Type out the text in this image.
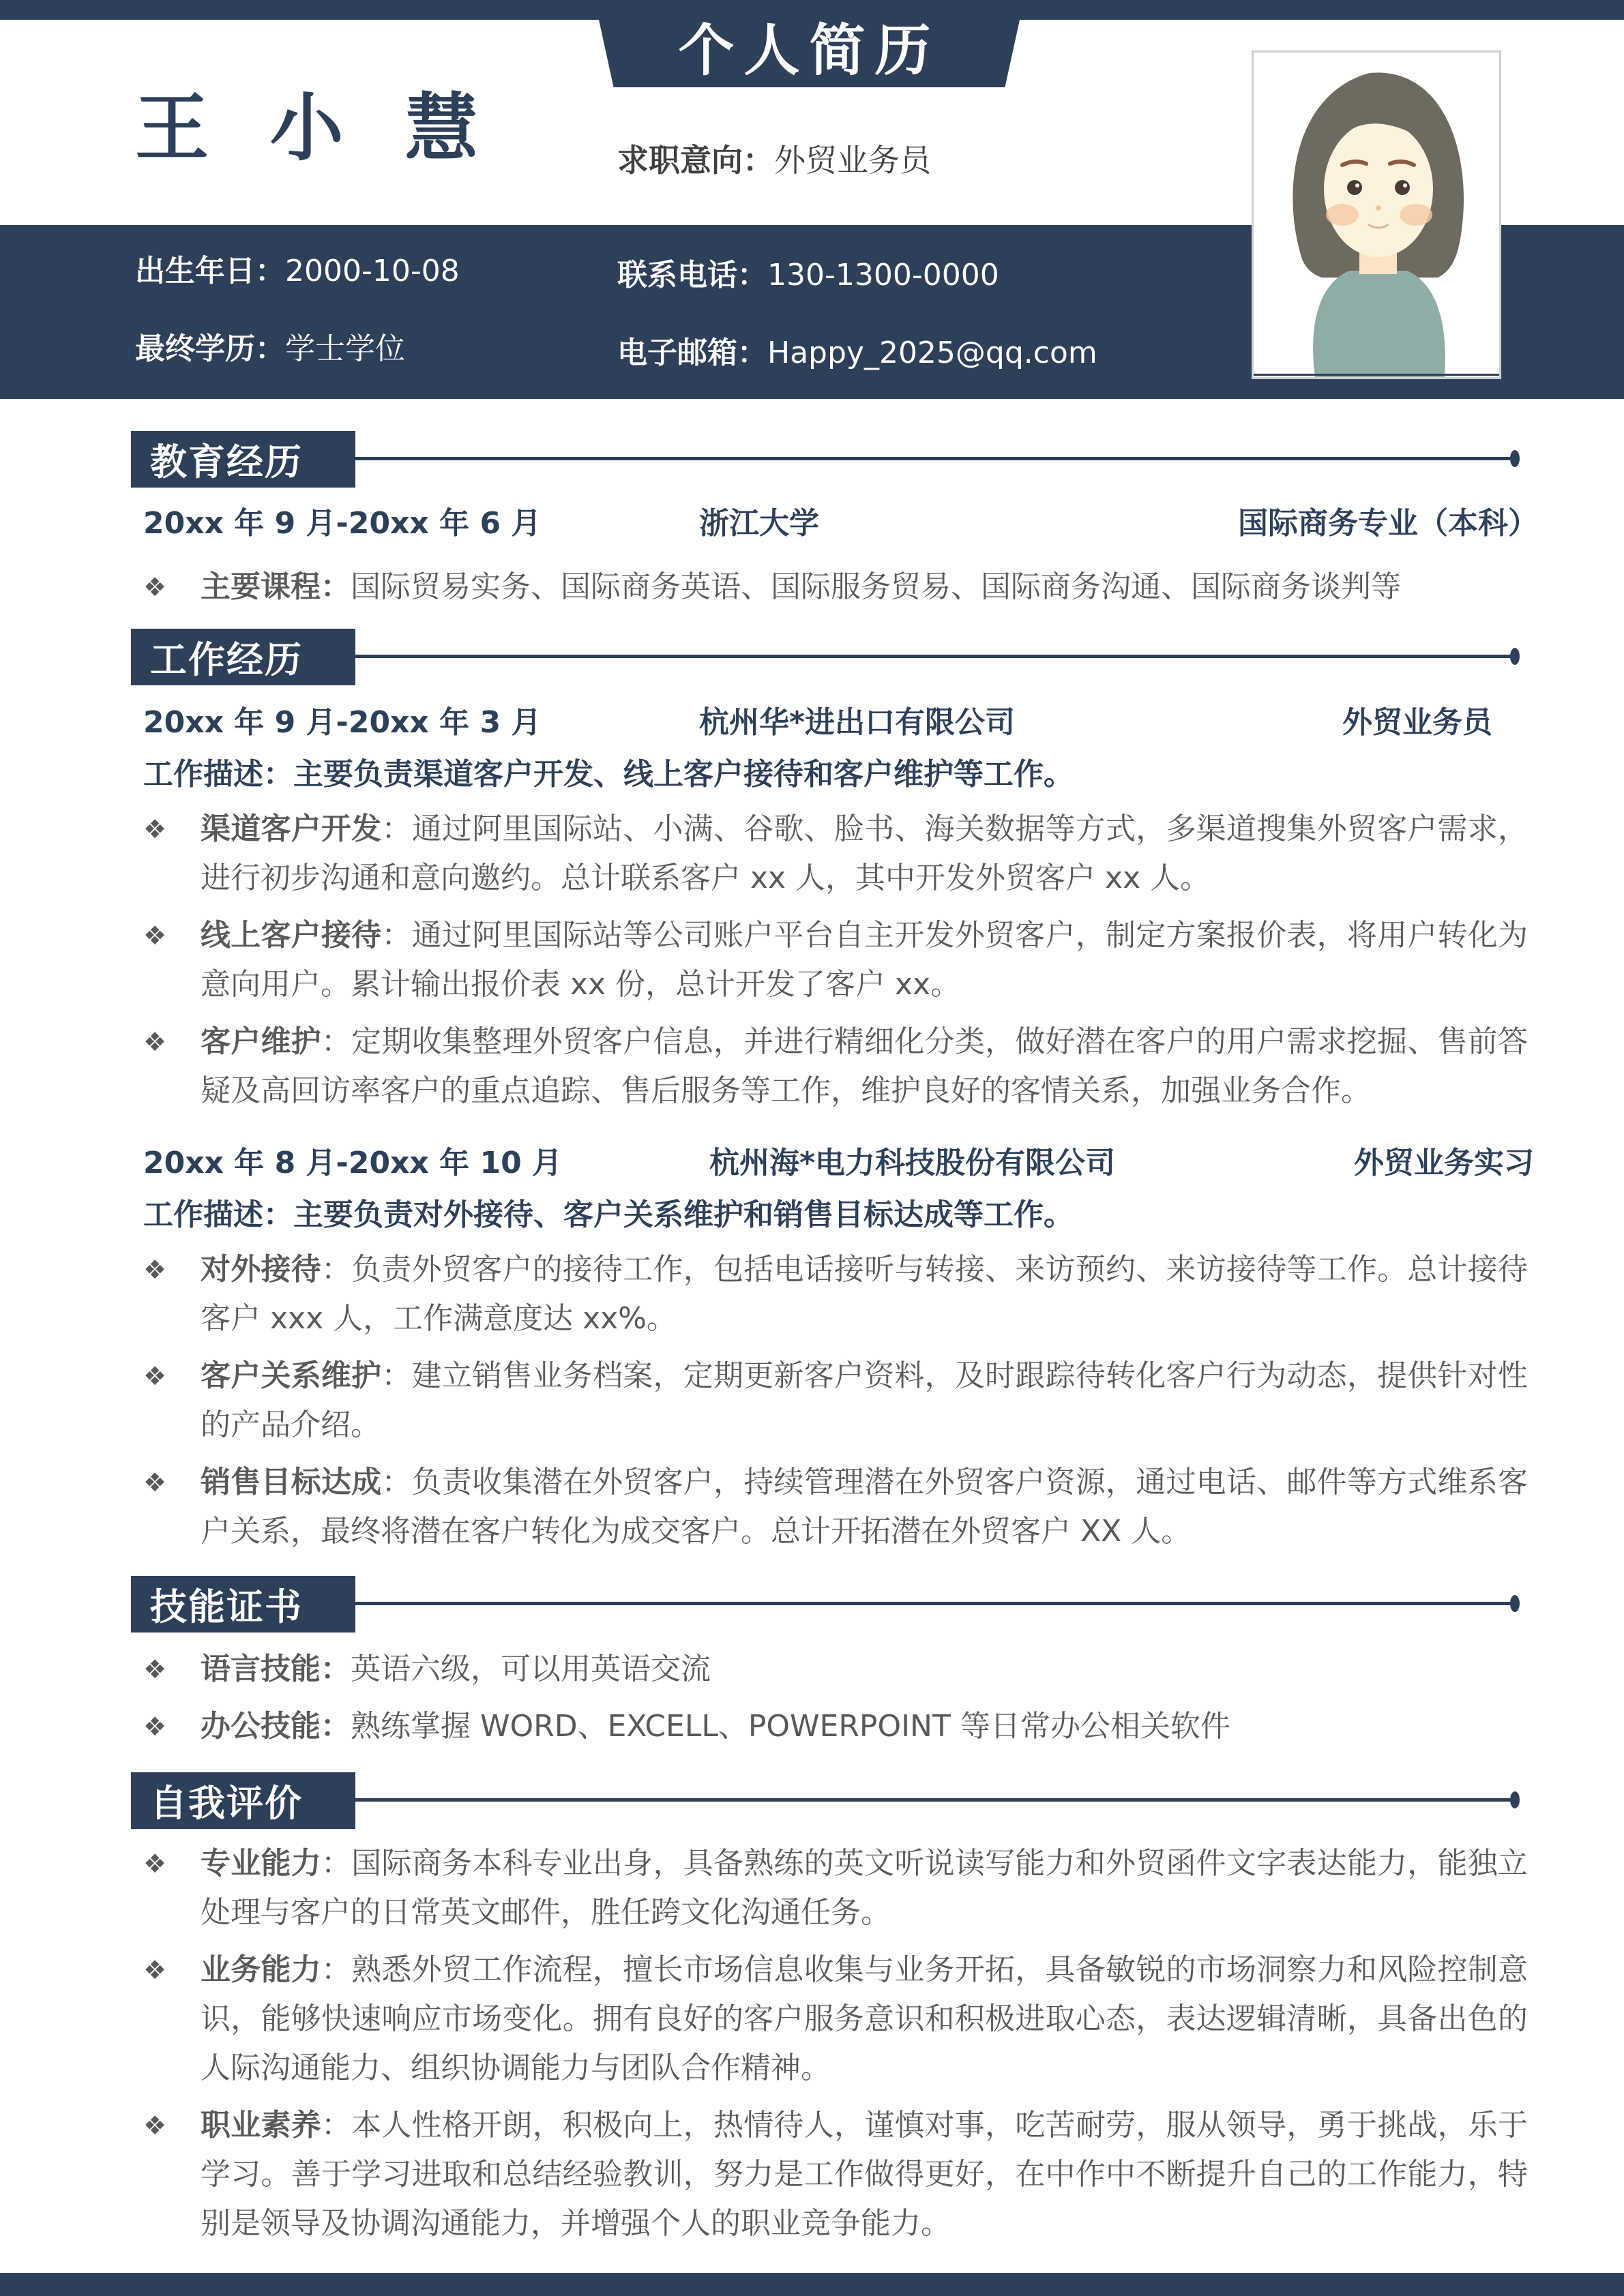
个人简历
王 小 慧	求职意向：外贸业务员
出生年日：2000-10-08
最终学历：学士学位
联系电话：130-1300-0000
电子邮箱：Happy_2025@qq.com
教育经历
20xx 年 9 月-20xx 年 6 月	浙江大学	国际商务专业（本科）
❖	主要课程：国际贸易实务、国际商务英语、国际服务贸易、国际商务沟通、国际商务谈判等
工作经历
20xx 年 9 月-20xx 年 3 月	杭州华*进出口有限公司	外贸业务员
工作描述：主要负责渠道客户开发、线上客户接待和客户维护等工作。
❖	渠道客户开发：通过阿里国际站、小满、谷歌、脸书、海关数据等方式，多渠道搜集外贸客户需求，进行初步沟通和意向邀约。总计联系客户 xx 人，其中开发外贸客户 xx 人。
❖	线上客户接待：通过阿里国际站等公司账户平台自主开发外贸客户，制定方案报价表，将用户转化为意向用户。累计输出报价表 xx 份，总计开发了客户 xx。
❖	客户维护：定期收集整理外贸客户信息，并进行精细化分类，做好潜在客户的用户需求挖掘、售前答疑及高回访率客户的重点追踪、售后服务等工作，维护良好的客情关系，加强业务合作。
20xx 年 8 月-20xx 年 10 月	杭州海*电力科技股份有限公司	外贸业务实习
工作描述：主要负责对外接待、客户关系维护和销售目标达成等工作。
❖	对外接待：负责外贸客户的接待工作，包括电话接听与转接、来访预约、来访接待等工作。总计接待客户 xxx 人，工作满意度达 xx%。
❖	客户关系维护：建立销售业务档案，定期更新客户资料，及时跟踪待转化客户行为动态，提供针对性的产品介绍。
❖	销售目标达成：负责收集潜在外贸客户，持续管理潜在外贸客户资源，通过电话、邮件等方式维系客户关系，最终将潜在客户转化为成交客户。总计开拓潜在外贸客户 XX 人。
技能证书
❖	语言技能：英语六级，可以用英语交流
❖	办公技能：熟练掌握 WORD、EXCELL、POWERPOINT 等日常办公相关软件
自我评价
❖	专业能力：国际商务本科专业出身，具备熟练的英文听说读写能力和外贸函件文字表达能力，能独立处理与客户的日常英文邮件，胜任跨文化沟通任务。
❖	业务能力：熟悉外贸工作流程，擅长市场信息收集与业务开拓，具备敏锐的市场洞察力和风险控制意识，能够快速响应市场变化。拥有良好的客户服务意识和积极进取心态，表达逻辑清晰，具备出色的人际沟通能力、组织协调能力与团队合作精神。
❖	职业素养：本人性格开朗，积极向上，热情待人，谨慎对事，吃苦耐劳，服从领导，勇于挑战，乐于学习。善于学习进取和总结经验教训，努力是工作做得更好，在中作中不断提升自己的工作能力，特别是领导及协调沟通能力，并增强个人的职业竞争能力。
